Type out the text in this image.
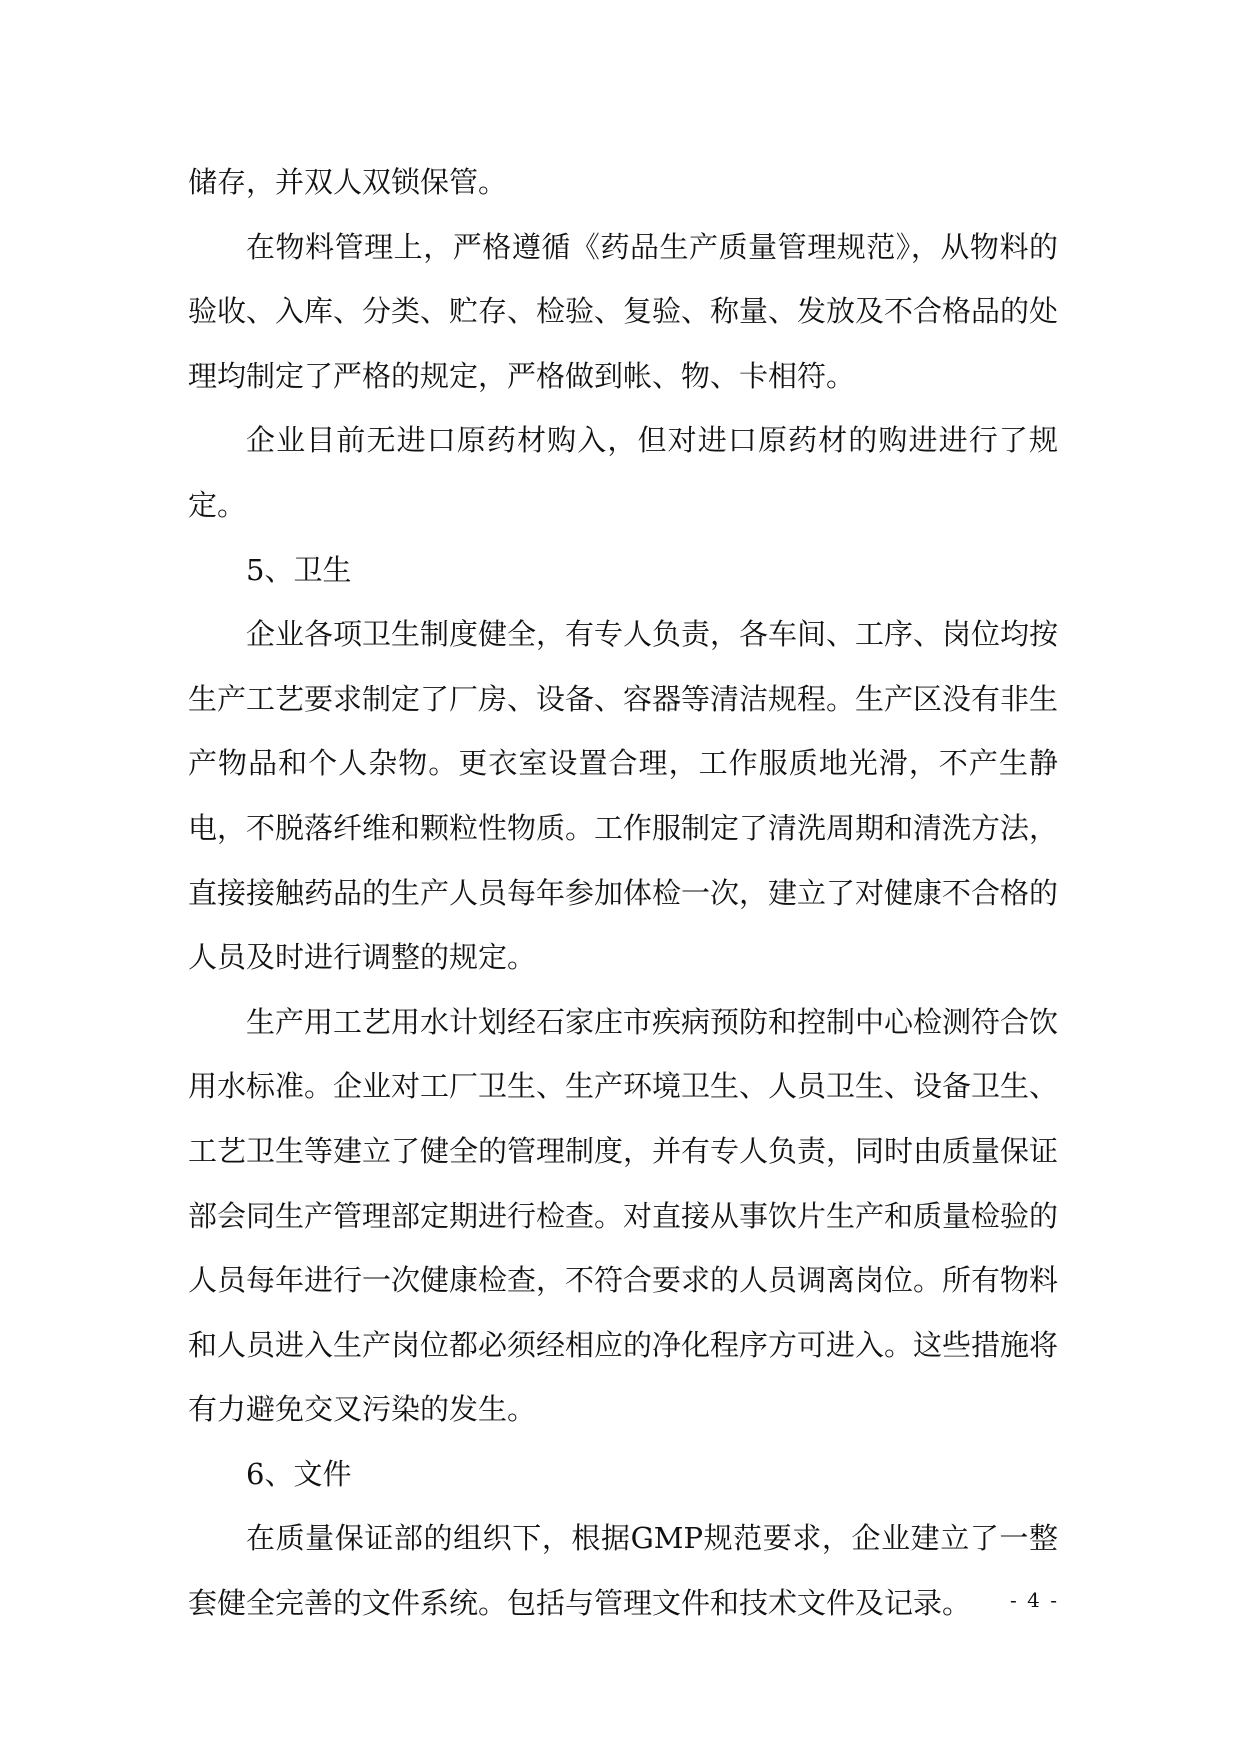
储存，并双人双锁保管。

在物料管理上，严格遵循《药品生产质量管理规范》，从物料的验收、入库、分类、贮存、检验、复验、称量、发放及不合格品的处理均制定了严格的规定，严格做到帐、物、卡相符。

企业目前无进口原药材购入，但对进口原药材的购进进行了规定。

5、卫生

企业各项卫生制度健全，有专人负责，各车间、工序、岗位均按生产工艺要求制定了厂房、设备、容器等清洁规程。生产区没有非生产物品和个人杂物。更衣室设置合理，工作服质地光滑，不产生静电，不脱落纤维和颗粒性物质。工作服制定了清洗周期和清洗方法，直接接触药品的生产人员每年参加体检一次，建立了对健康不合格的人员及时进行调整的规定。

生产用工艺用水计划经石家庄市疾病预防和控制中心检测符合饮用水标准。企业对工厂卫生、生产环境卫生、人员卫生、设备卫生、工艺卫生等建立了健全的管理制度，并有专人负责，同时由质量保证部会同生产管理部定期进行检查。对直接从事饮片生产和质量检验的人员每年进行一次健康检查，不符合要求的人员调离岗位。所有物料和人员进入生产岗位都必须经相应的净化程序方可进入。这些措施将有力避免交叉污染的发生。

6、文件

在质量保证部的组织下，根据GMP规范要求，企业建立了一整套健全完善的文件系统。包括与管理文件和技术文件及记录。	- 4 -
